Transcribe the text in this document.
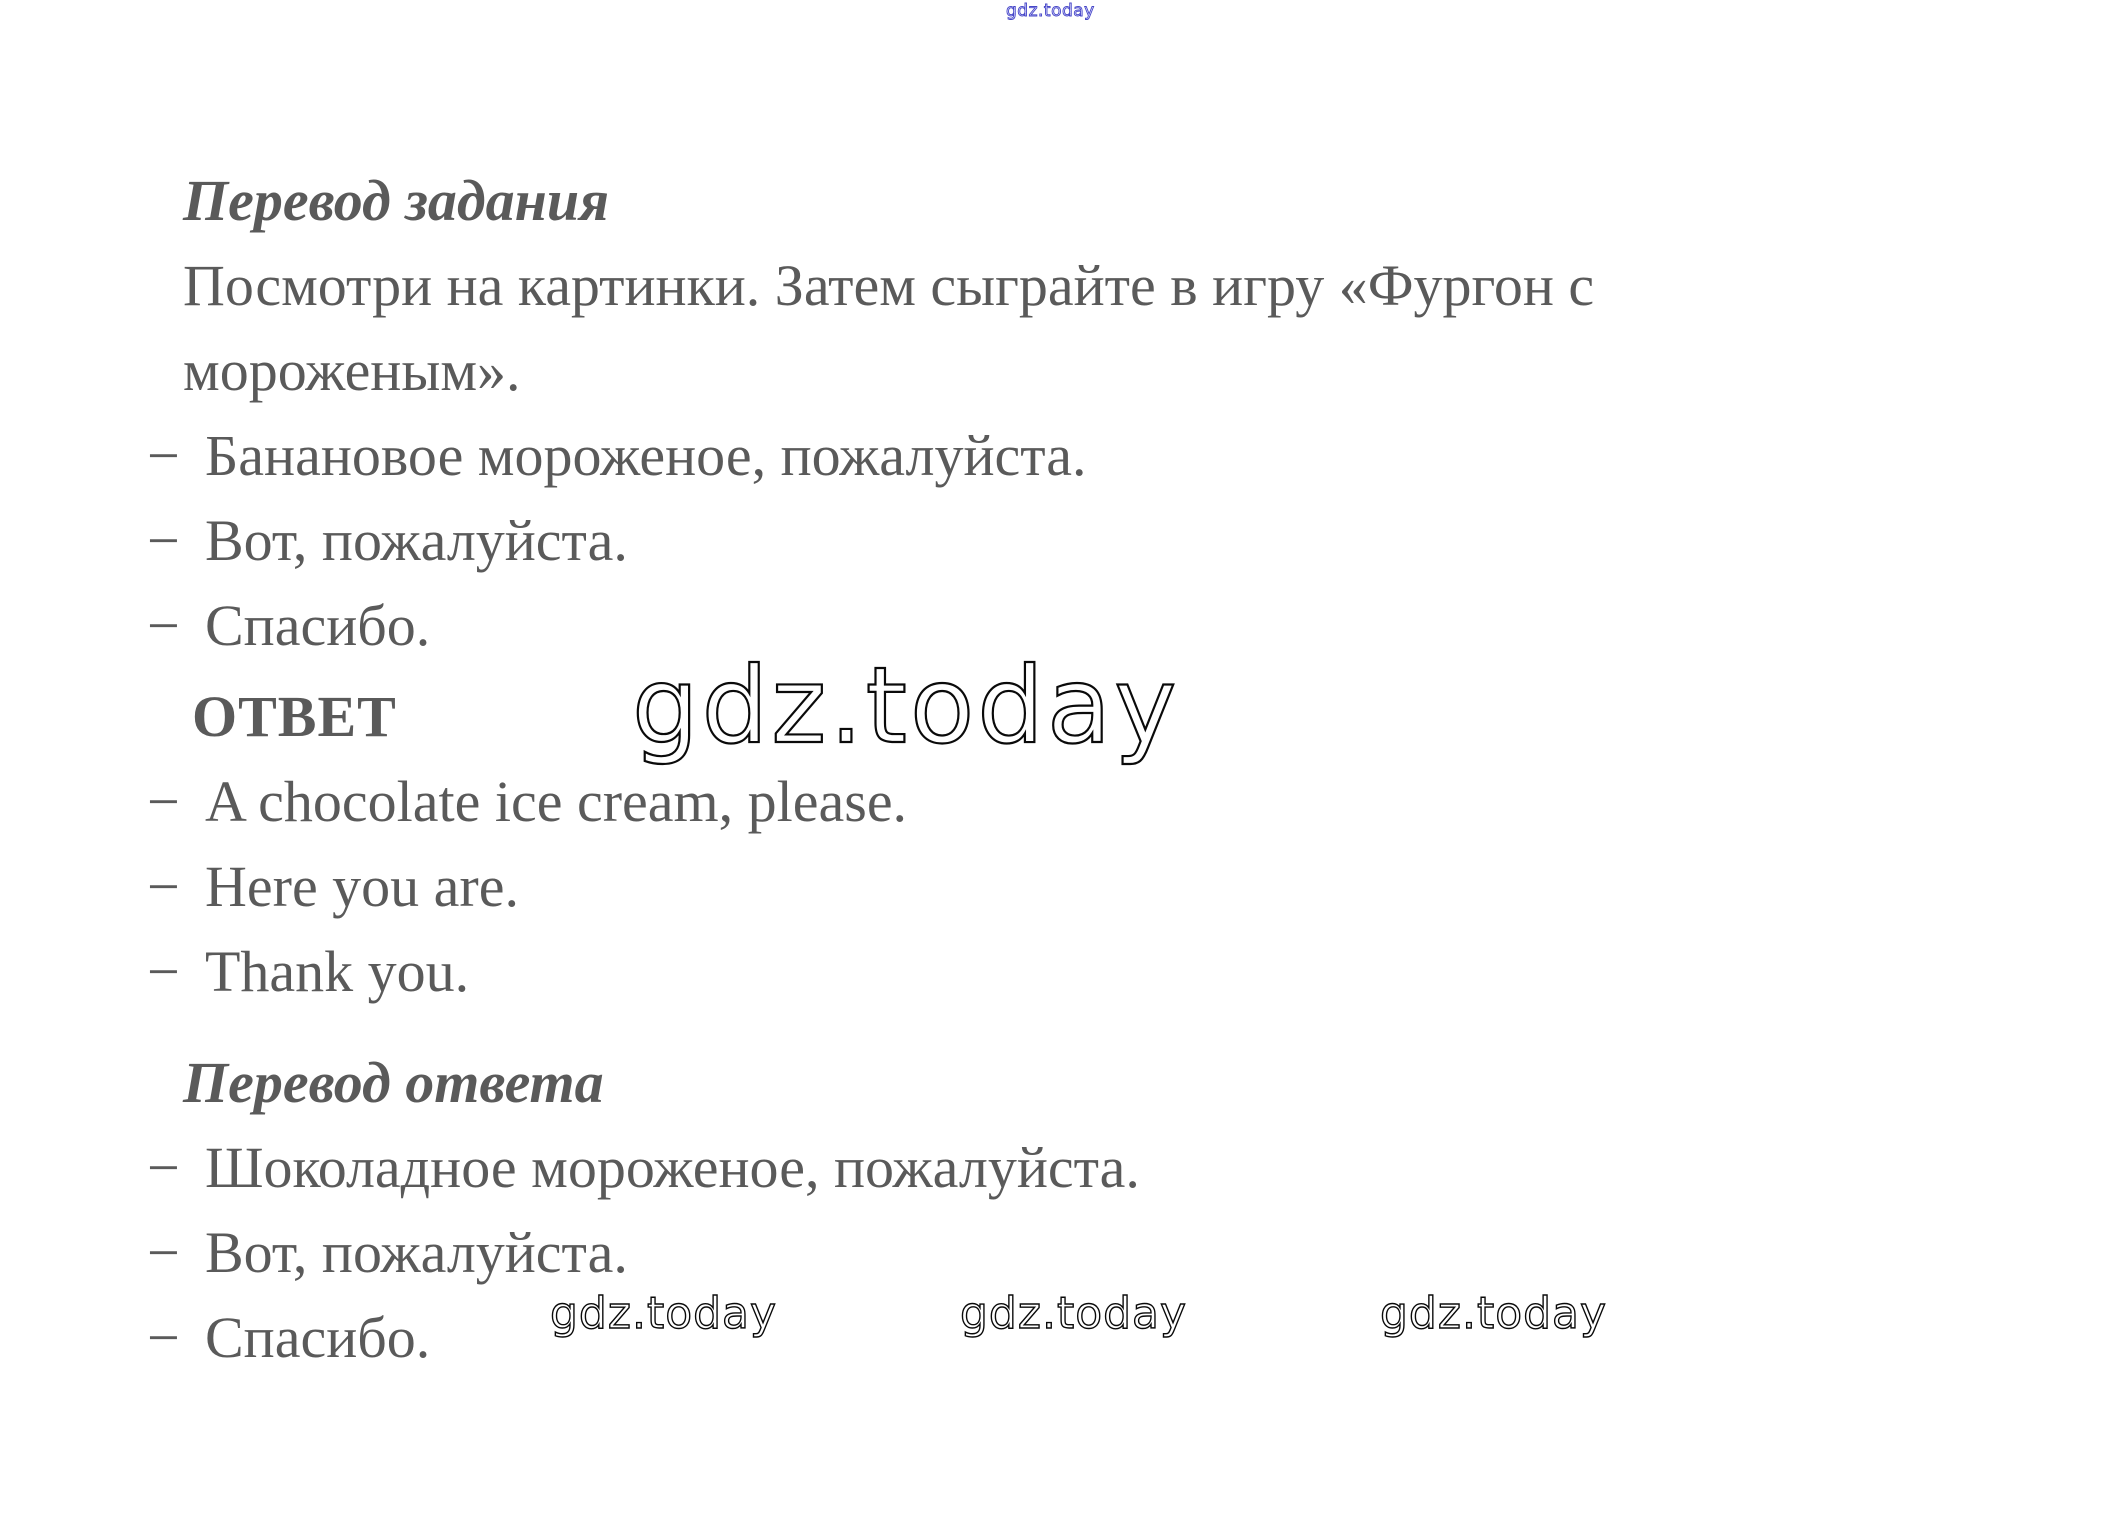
gdz.today
Перевод задания
Посмотри на картинки. Затем сыграйте в игру «Фургон с
мороженым».
− Банановое мороженое, пожалуйста.
− Вот, пожалуйста.
− Спасибо.
ОТВЕТ
− A chocolate ice cream, please.
− Here you are.
− Thank you.
Перевод ответа
− Шоколадное мороженое, пожалуйста.
− Вот, пожалуйста.
− Спасибо.
gdz.today
gdz.today	gdz.today	gdz.today
